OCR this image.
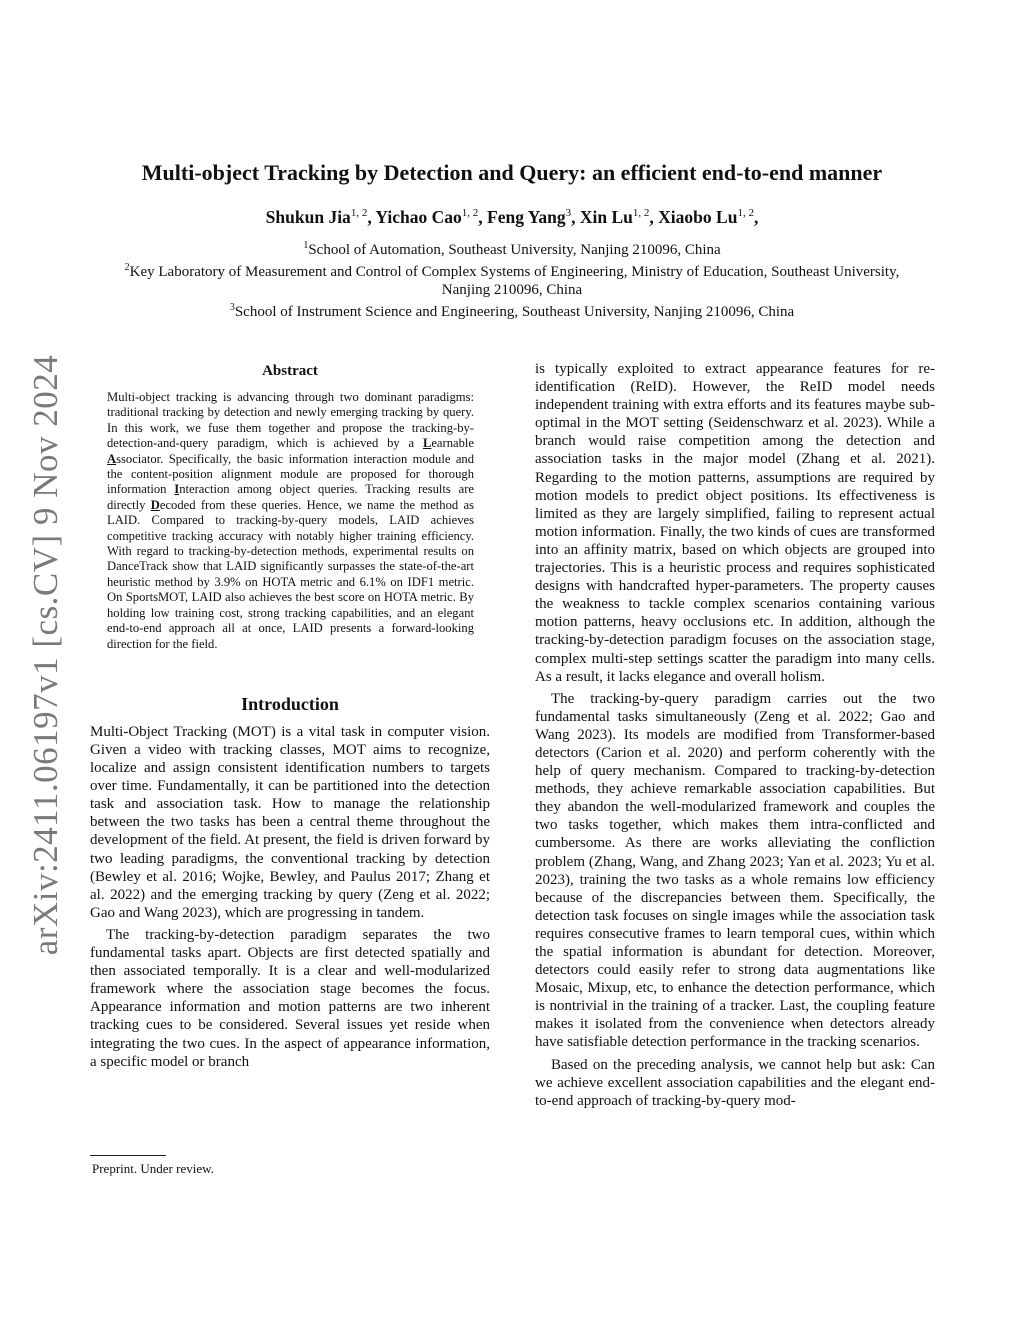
arXiv:2411.06197v1 [cs.CV] 9 Nov 2024
Multi-object Tracking by Detection and Query: an efficient end-to-end manner
Shukun Jia$^{1, 2}$, Yichao Cao$^{1, 2}$, Feng Yang$^3$, Xin Lu$^{1, 2}$, Xiaobo Lu$^{1, 2}$,
$^1$School of Automation, Southeast University, Nanjing 210096, China
$^2$Key Laboratory of Measurement and Control of Complex Systems of Engineering, Ministry of Education, Southeast University, Nanjing 210096, China
$^3$School of Instrument Science and Engineering, Southeast University, Nanjing 210096, China
Abstract

Multi-object tracking is advancing through two dominant paradigms: traditional tracking by detection and newly emerging tracking by query. In this work, we fuse them together and propose the tracking-by-detection-and-query paradigm, which is achieved by a Learnable Associator. Specifically, the basic information interaction module and the content-position alignment module are proposed for thorough information Interaction among object queries. Tracking results are directly Decoded from these queries. Hence, we name the method as LAID. Compared to tracking-by-query models, LAID achieves competitive tracking accuracy with notably higher training efficiency. With regard to tracking-by-detection methods, experimental results on DanceTrack show that LAID significantly surpasses the state-of-the-art heuristic method by 3.9% on HOTA metric and 6.1% on IDF1 metric. On SportsMOT, LAID also achieves the best score on HOTA metric. By holding low training cost, strong tracking capabilities, and an elegant end-to-end approach all at once, LAID presents a forward-looking direction for the field.

Introduction

Multi-Object Tracking (MOT) is a vital task in computer vision. Given a video with tracking classes, MOT aims to recognize, localize and assign consistent identification numbers to targets over time. Fundamentally, it can be partitioned into the detection task and association task. How to manage the relationship between the two tasks has been a central theme throughout the development of the field. At present, the field is driven forward by two leading paradigms, the conventional tracking by detection (Bewley et al. 2016; Wojke, Bewley, and Paulus 2017; Zhang et al. 2022) and the emerging tracking by query (Zeng et al. 2022; Gao and Wang 2023), which are progressing in tandem.

The tracking-by-detection paradigm separates the two fundamental tasks apart. Objects are first detected spatially and then associated temporally. It is a clear and well-modularized framework where the association stage becomes the focus. Appearance information and motion patterns are two inherent tracking cues to be considered. Several issues yet reside when integrating the two cues. In the aspect of appearance information, a specific model or branch

is typically exploited to extract appearance features for re-identification (ReID). However, the ReID model needs independent training with extra efforts and its features maybe sub-optimal in the MOT setting (Seidenschwarz et al. 2023). While a branch would raise competition among the detection and association tasks in the major model (Zhang et al. 2021). Regarding to the motion patterns, assumptions are required by motion models to predict object positions. Its effectiveness is limited as they are largely simplified, failing to represent actual motion information. Finally, the two kinds of cues are transformed into an affinity matrix, based on which objects are grouped into trajectories. This is a heuristic process and requires sophisticated designs with handcrafted hyper-parameters. The property causes the weakness to tackle complex scenarios containing various motion patterns, heavy occlusions etc. In addition, although the tracking-by-detection paradigm focuses on the association stage, complex multi-step settings scatter the paradigm into many cells. As a result, it lacks elegance and overall holism.

The tracking-by-query paradigm carries out the two fundamental tasks simultaneously (Zeng et al. 2022; Gao and Wang 2023). Its models are modified from Transformer-based detectors (Carion et al. 2020) and perform coherently with the help of query mechanism. Compared to tracking-by-detection methods, they achieve remarkable association capabilities. But they abandon the well-modularized framework and couples the two tasks together, which makes them intra-conflicted and cumbersome. As there are works alleviating the confliction problem (Zhang, Wang, and Zhang 2023; Yan et al. 2023; Yu et al. 2023), training the two tasks as a whole remains low efficiency because of the discrepancies between them. Specifically, the detection task focuses on single images while the association task requires consecutive frames to learn temporal cues, within which the spatial information is abundant for detection. Moreover, detectors could easily refer to strong data augmentations like Mosaic, Mixup, etc, to enhance the detection performance, which is nontrivial in the training of a tracker. Last, the coupling feature makes it isolated from the convenience when detectors already have satisfiable detection performance in the tracking scenarios.

Based on the preceding analysis, we cannot help but ask: Can we achieve excellent association capabilities and the elegant end-to-end approach of tracking-by-query mod-

Preprint. Under review.
